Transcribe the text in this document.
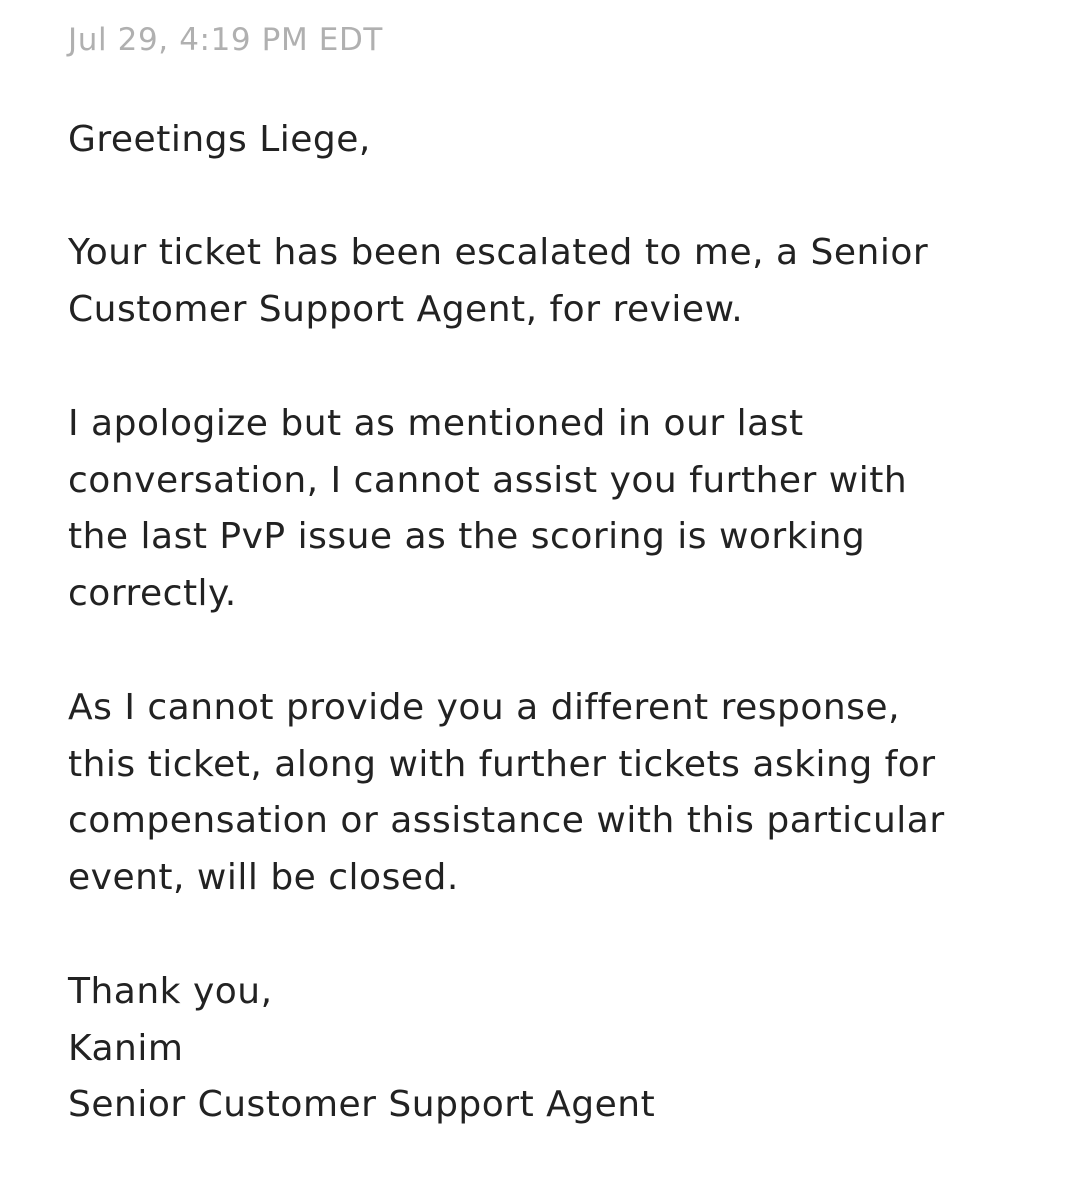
Jul 29, 4:19 PM EDT
Greetings Liege,
Your ticket has been escalated to me, a Senior
Customer Support Agent, for review.
I apologize but as mentioned in our last
conversation, I cannot assist you further with
the last PvP issue as the scoring is working
correctly.
As I cannot provide you a different response,
this ticket, along with further tickets asking for
compensation or assistance with this particular
event, will be closed.
Thank you,
Kanim
Senior Customer Support Agent
